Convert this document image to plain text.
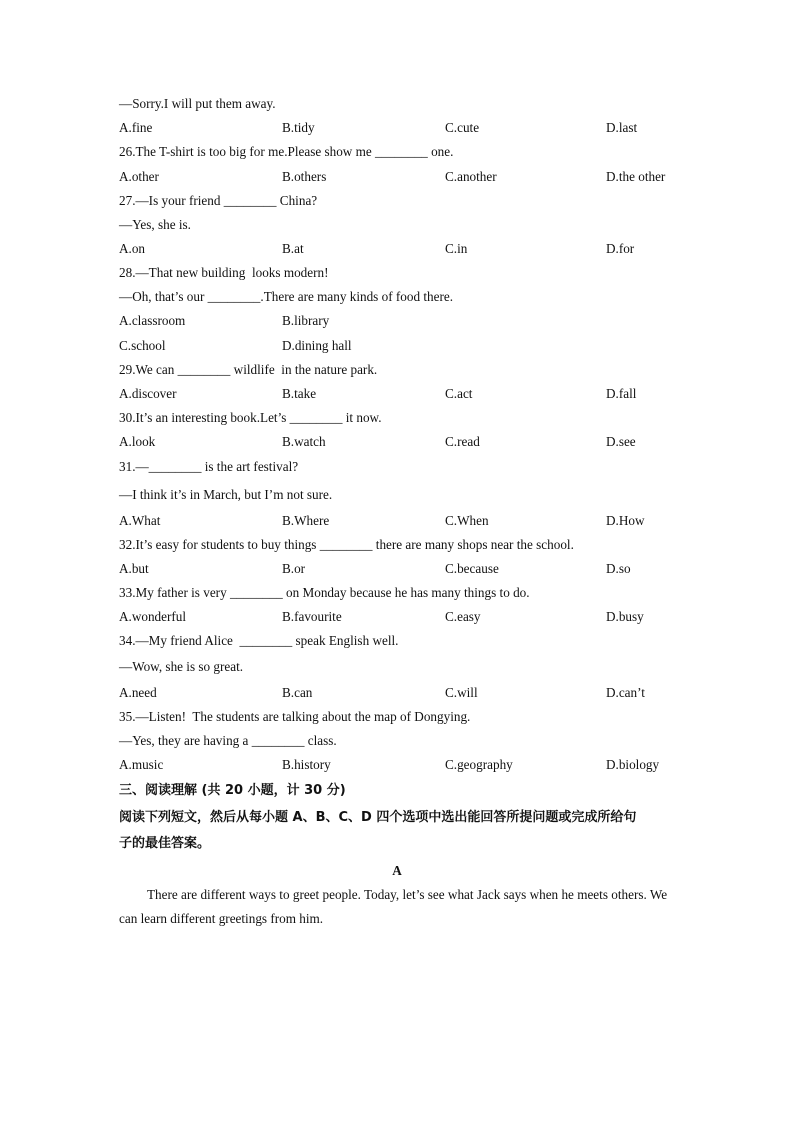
—Sorry.I will put them away.
A.fine	B.tidy	C.cute	D.last
26.The T-shirt is too big for me.Please show me ________ one.
A.other	B.others	C.another	D.the other
27.—Is your friend ________ China?
—Yes, she is.
A.on	B.at	C.in	D.for
28.—That new building  looks modern!
—Oh, that’s our ________.There are many kinds of food there.
A.classroom	B.library
C.school	D.dining hall
29.We can ________ wildlife  in the nature park.
A.discover	B.take	C.act	D.fall
30.It’s an interesting book.Let’s ________ it now.
A.look	B.watch	C.read	D.see
31.—________ is the art festival?
—I think it’s in March, but I’m not sure.
A.What	B.Where	C.When	D.How
32.It’s easy for students to buy things ________ there are many shops near the school.
A.but	B.or	C.because	D.so
33.My father is very ________ on Monday because he has many things to do.
A.wonderful	B.favourite	C.easy	D.busy
34.—My friend Alice  ________ speak English well.
—Wow, she is so great.
A.need	B.can	C.will	D.can’t
35.—Listen!  The students are talking about the map of Dongying.
—Yes, they are having a ________ class.
A.music	B.history	C.geography	D.biology
三、阅读理解 (共 20 小题，计 30 分)
阅读下列短文，然后从每小题 A、B、C、D 四个选项中选出能回答所提问题或完成所给句
子的最佳答案。
A
There are different ways to greet people. Today, let’s see what Jack says when he meets others. We can learn different greetings from him.
